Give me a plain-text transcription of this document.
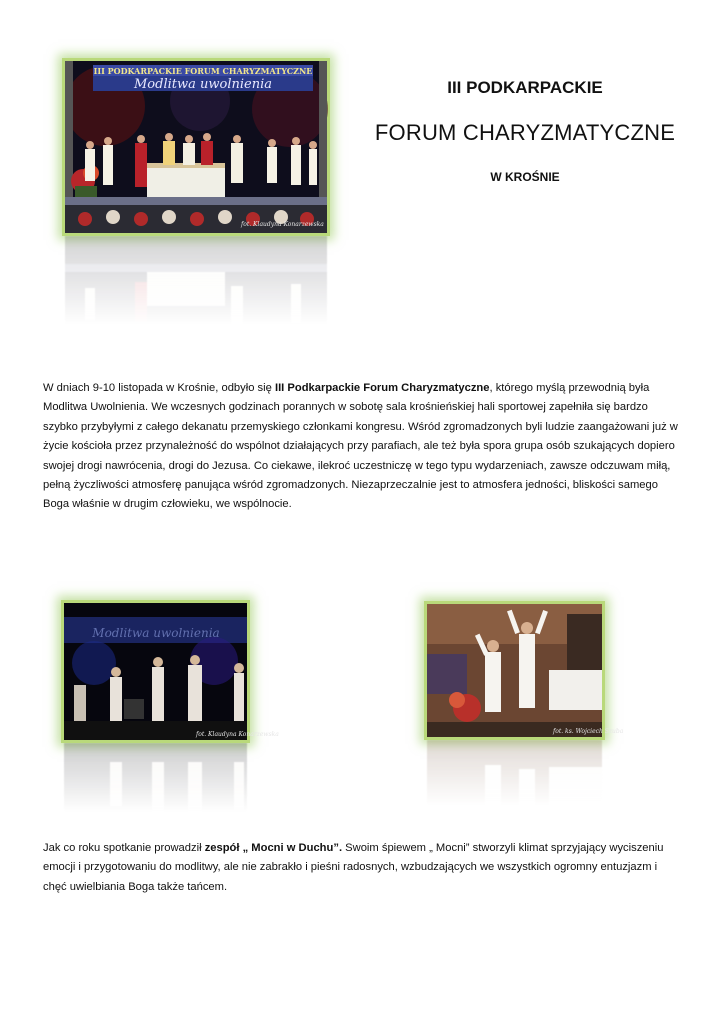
III PODKARPACKIE FORUM CHARYZMATYCZNE
Modlitwa uwolnienia
fot. Klaudyna Konarzewska
III PODKARPACKIE
FORUM CHARYZMATYCZNE
W KROŚNIE
W dniach 9-10 listopada w Krośnie, odbyło się III Podkarpackie Forum Charyzmatyczne, którego myślą przewodnią była Modlitwa Uwolnienia. We wczesnych godzinach porannych w sobotę sala krośnieńskiej hali sportowej zapełniła się bardzo szybko przybyłymi z całego dekanatu przemyskiego członkami kongresu. Wśród zgromadzonych byli ludzie zaangażowani już w życie kościoła przez przynależność do wspólnot działających przy parafiach, ale też była spora grupa osób szukających dopiero swojej drogi nawrócenia, drogi do Jezusa. Co ciekawe, ilekroć uczestniczę w tego typu wydarzeniach, zawsze odczuwam miłą, pełną życzliwości atmosferę panująca wśród zgromadzonych. Niezaprzeczalnie jest to atmosfera jedności, bliskości samego Boga właśnie w drugim człowieku, we wspólnocie.
Modlitwa uwolnienia
fot. Klaudyna Konarzewska	fot. ks. Wojciech Szuba
Jak co roku spotkanie prowadził zespół „ Mocni w Duchu”. Swoim śpiewem „ Mocni” stworzyli klimat sprzyjający wyciszeniu emocji i przygotowaniu do modlitwy, ale nie zabrakło i pieśni radosnych, wzbudzających we wszystkich ogromny entuzjazm i chęć uwielbiania Boga także tańcem.
